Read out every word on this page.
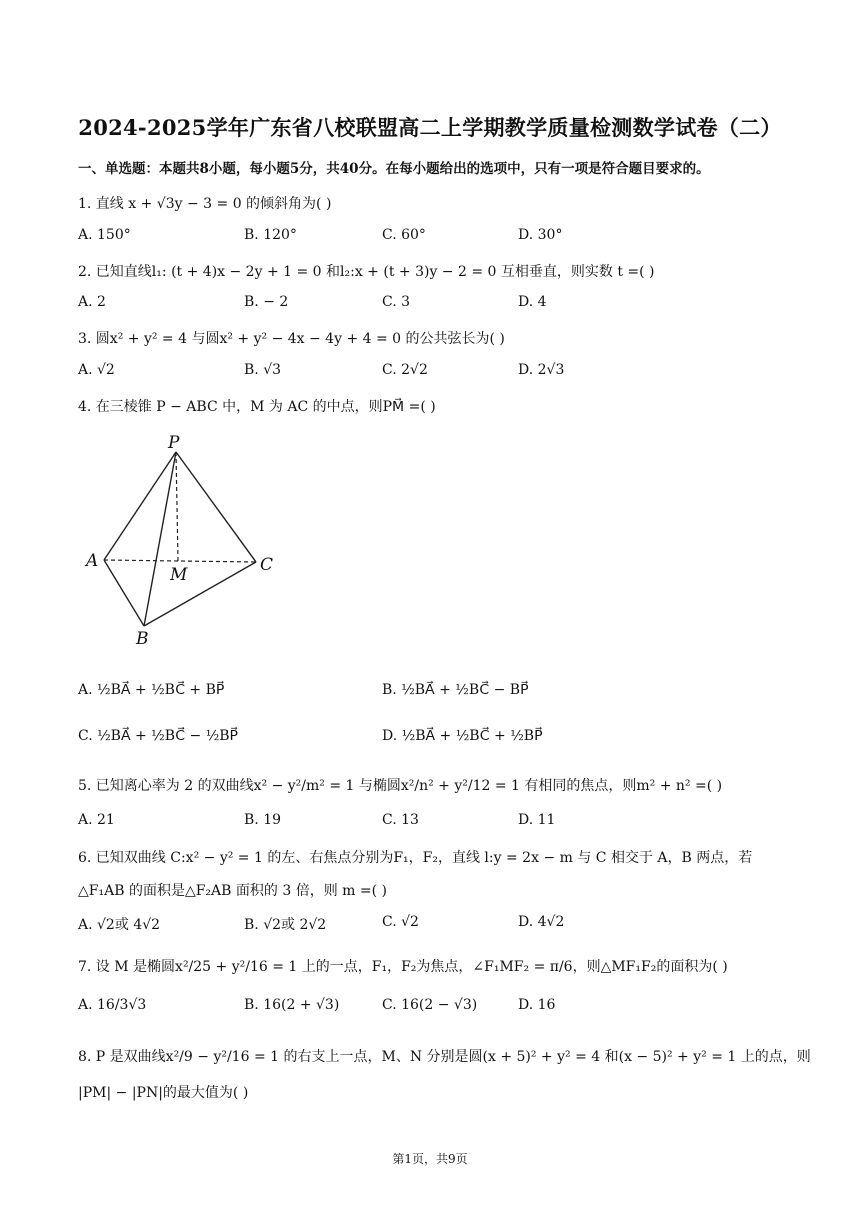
2024-2025学年广东省八校联盟高二上学期教学质量检测数学试卷（二）
一、单选题：本题共8小题，每小题5分，共40分。在每小题给出的选项中，只有一项是符合题目要求的。
1. 直线 x + √3y − 3 = 0 的倾斜角为( )
A. 150°	B. 120°	C. 60°	D. 30°
2. 已知直线l₁: (t + 4)x − 2y + 1 = 0 和l₂:x + (t + 3)y − 2 = 0 互相垂直，则实数 t =( )
A. 2	B. − 2	C. 3	D. 4
3. 圆x² + y² = 4 与圆x² + y² − 4x − 4y + 4 = 0 的公共弦长为( )
A. √2	B. √3	C. 2√2	D. 2√3
4. 在三棱锥 P − ABC 中，M 为 AC 的中点，则PM⃗ =( )
P
A
M	C
B
A. ½BA⃗ + ½BC⃗ + BP⃗	B. ½BA⃗ + ½BC⃗ − BP⃗
C. ½BA⃗ + ½BC⃗ − ½BP⃗	D. ½BA⃗ + ½BC⃗ + ½BP⃗
5. 已知离心率为 2 的双曲线x² − y²/m² = 1 与椭圆x²/n² + y²/12 = 1 有相同的焦点，则m² + n² =( )
A. 21	B. 19	C. 13	D. 11
6. 已知双曲线 C:x² − y² = 1 的左、右焦点分别为F₁，F₂，直线 l:y = 2x − m 与 C 相交于 A，B 两点，若
△F₁AB 的面积是△F₂AB 面积的 3 倍，则 m =( )
A. √2或 4√2	B. √2或 2√2	C. √2	D. 4√2
7. 设 M 是椭圆x²/25 + y²/16 = 1 上的一点，F₁，F₂为焦点，∠F₁MF₂ = π/6，则△MF₁F₂的面积为( )
A. 16/3√3	B. 16(2 + √3)	C. 16(2 − √3)	D. 16
8. P 是双曲线x²/9 − y²/16 = 1 的右支上一点，M、N 分别是圆(x + 5)² + y² = 4 和(x − 5)² + y² = 1 上的点，则
|PM| − |PN|的最大值为( )
第1页，共9页
